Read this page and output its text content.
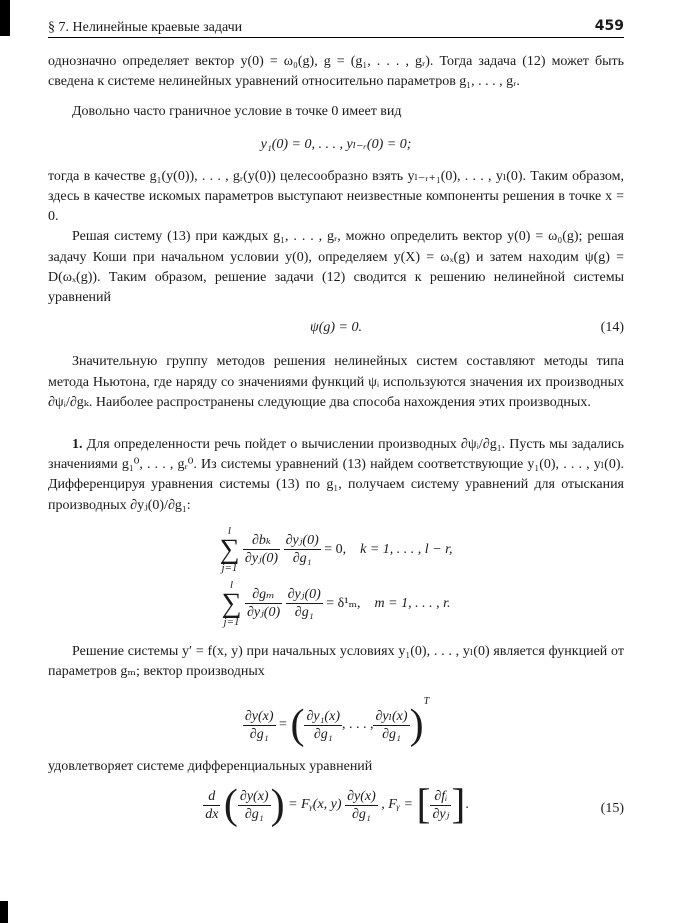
§ 7. Нелинейные краевые задачи	459

однозначно определяет вектор y(0) = ω₀(g), g = (g₁, . . . , gᵣ). Тогда задача (12) может быть сведена к системе нелинейных уравнений относительно параметров g₁, . . . , gᵣ.

Довольно часто граничное условие в точке 0 имеет вид

y₁(0) = 0, . . . , yₗ₋ᵣ(0) = 0;

тогда в качестве g₁(y(0)), . . . , gᵣ(y(0)) целесообразно взять yₗ₋ᵣ₊₁(0), . . . , yₗ(0). Таким образом, здесь в качестве искомых параметров выступают неизвестные компоненты решения в точке x = 0.

Решая систему (13) при каждых g₁, . . . , gᵣ, можно определить вектор y(0) = ω₀(g); решая задачу Коши при начальном условии y(0), определяем y(X) = ωₓ(g) и затем находим ψ(g) = D(ωₓ(g)). Таким образом, решение задачи (12) сводится к решению нелинейной системы уравнений

ψ(g) = 0.	(14)

Значительную группу методов решения нелинейных систем составляют методы типа метода Ньютона, где наряду со значениями функций ψᵢ используются значения их производных ∂ψᵢ/∂gₖ. Наиболее распространены следующие два способа нахождения этих производных.

1. Для определенности речь пойдет о вычислении производных ∂ψᵢ/∂g₁. Пусть мы задались значениями g₁⁰, . . . , gᵣ⁰. Из системы уравнений (13) найдем соответствующие y₁(0), . . . , yₗ(0). Дифференцируя уравнения системы (13) по g₁, получаем систему уравнений для отыскания производных ∂yⱼ(0)/∂g₁:

l
∑
j=1
$\frac{\text{∂bₖ}}{\text{∂yⱼ(0)}}$
$\frac{\text{∂yⱼ(0)}}{\text{∂g₁}} = 0$, k = 1, . . . , l − r,
l
∑
j=1
$\frac{\text{∂gₘ}}{\text{∂yⱼ(0)}}$
$\frac{\text{∂yⱼ(0)}}{\text{∂g₁}} = \delta^1_m$, m = 1, . . . , r.

Решение системы y′ = f(x, y) при начальных условиях y₁(0), . . . , yₗ(0) является функцией от параметров gₘ; вектор производных

$\frac{\partial y(x)}{\text{∂g₁}}$ = ( $\frac{\text{∂y₁(x)}}{\text{∂g₁}}$ , . . . , $\frac{\text{∂yₗ(x)}}{\text{∂g₁}} )^T$

удовлетворяет системе дифференциальных уравнений

$\frac{d}{dx}$ ( $\frac{\partial y(x)}{\text{∂g₁}}$ ) = Fᵧ(x, $y) \frac{\partial y(x)}{\text{∂g₁}}$ , Fᵧ = [ $\frac{\text{∂fᵢ}}{\text{∂yⱼ}}$ ].	(15)
